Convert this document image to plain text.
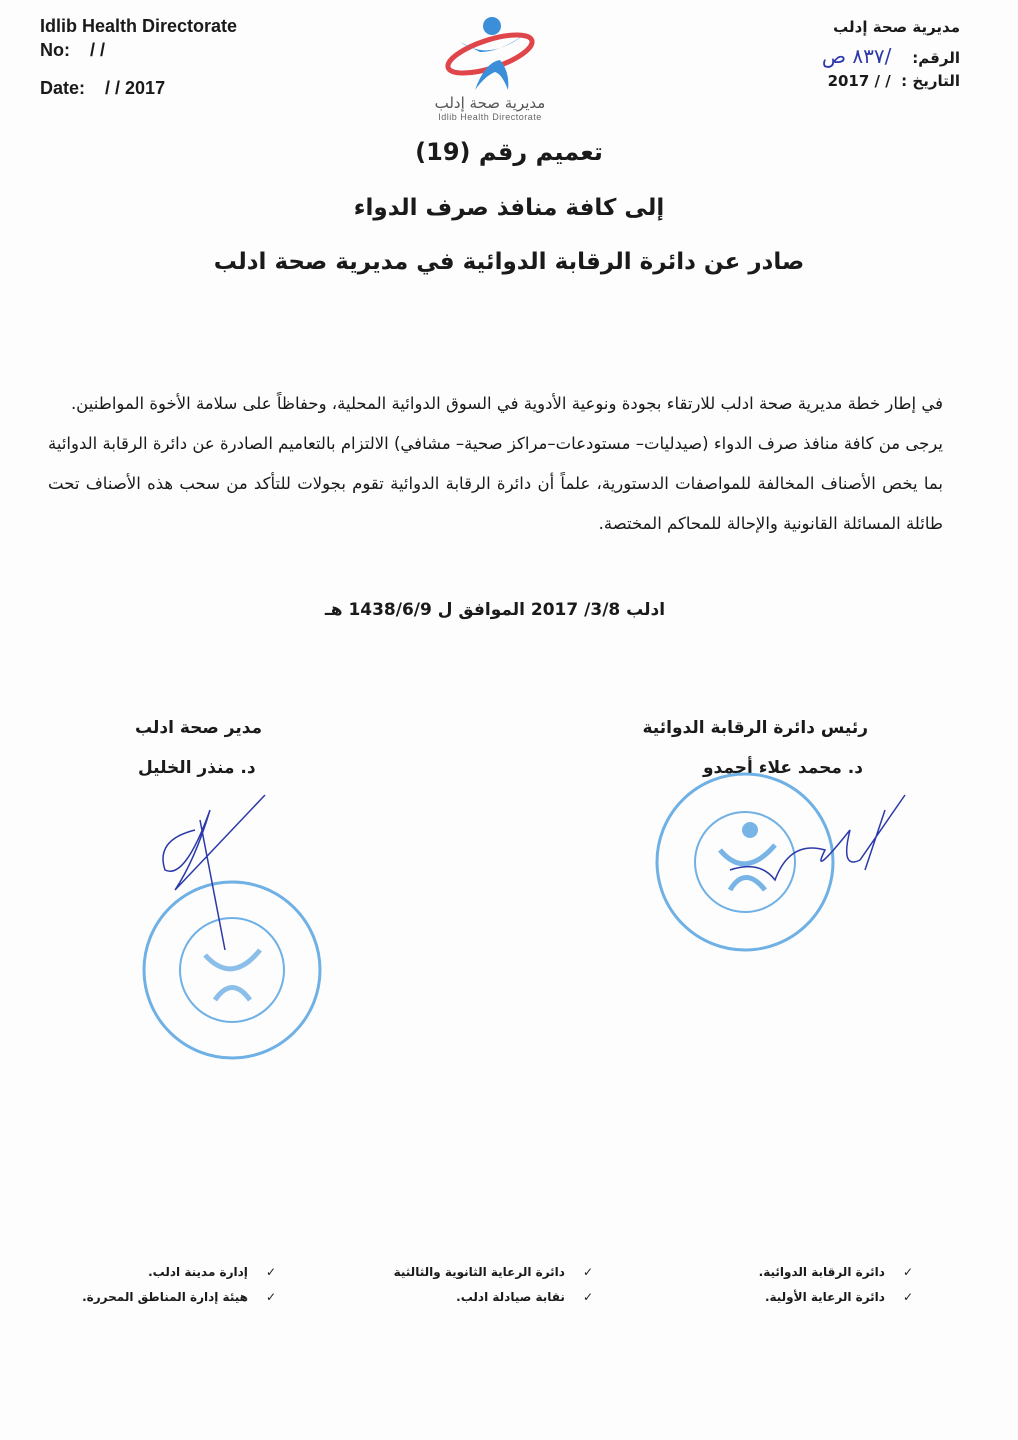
Idlib Health Directorate
No: / /
Date: / / 2017
مديرية صحة إدلب
الرقم:    /٨٣٧ ص
التاريخ :  / / 2017
مديرية صحة إدلب
Idlib Health Directorate
تعميم رقم (19)
إلى كافة منافذ صرف الدواء
صادر عن دائرة الرقابة الدوائية في مديرية صحة ادلب

في إطار خطة مديرية صحة ادلب للارتقاء بجودة ونوعية الأدوية في السوق الدوائية المحلية، وحفاظاً على سلامة الأخوة المواطنين.

يرجى من كافة منافذ صرف الدواء (صيدليات– مستودعات–مراكز صحية– مشافي) الالتزام بالتعاميم الصادرة عن دائرة الرقابة الدوائية بما يخص الأصناف المخالفة للمواصفات الدستورية، علماً أن دائرة الرقابة الدوائية تقوم بجولات للتأكد من سحب هذه الأصناف تحت طائلة المسائلة القانونية والإحالة للمحاكم المختصة.

ادلب 3/8/ 2017 الموافق ل 1438/6/9 هـ
رئيس دائرة الرقابة الدوائية
د. محمد علاء أحمدو
مدير صحة ادلب
د. منذر الخليل
✓دائرة الرقابة الدوائية.
✓دائرة الرعاية الأولية.
✓دائرة الرعاية الثانوية والثالثية
✓نقابة صيادلة ادلب.
✓إدارة مدينة ادلب.
✓هيئة إدارة المناطق المحررة.
